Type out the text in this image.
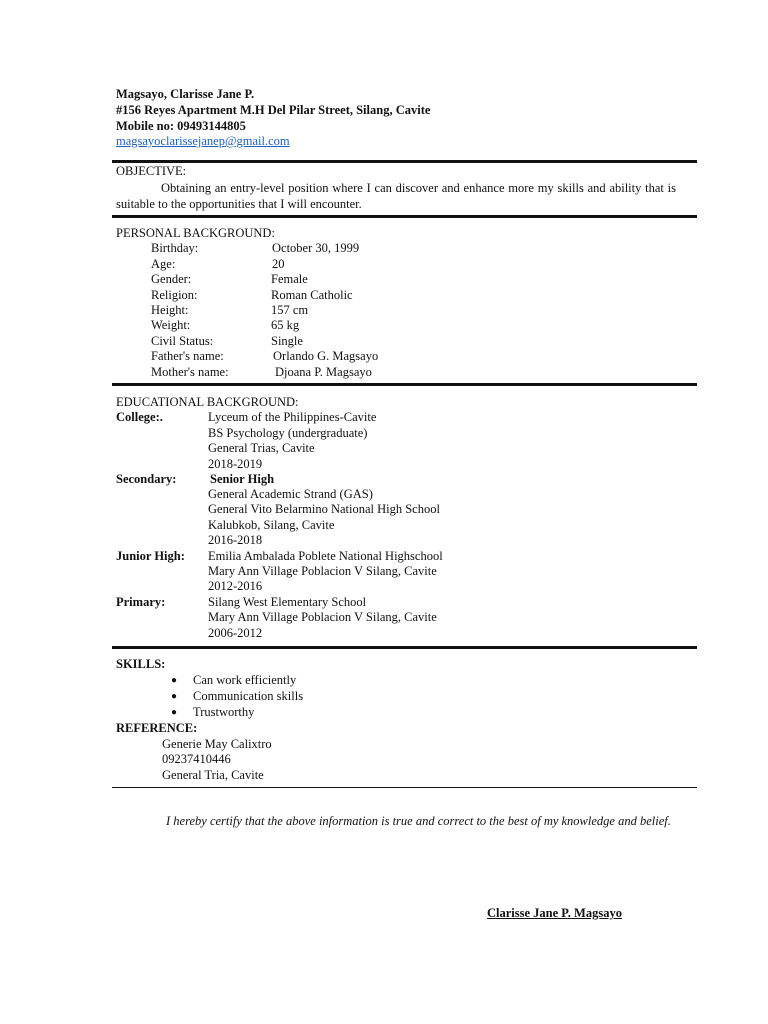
Magsayo, Clarisse Jane P.
#156 Reyes Apartment M.H Del Pilar Street, Silang, Cavite
Mobile no: 09493144805
magsayoclarissejanep@gmail.com
OBJECTIVE:
Obtaining an entry-level position where I can discover and enhance more my skills and ability that is suitable to the opportunities that I will encounter.
PERSONAL BACKGROUND:
Birthday:	October 30, 1999
Age:	20
Gender:	Female
Religion:	Roman Catholic
Height:	157 cm
Weight:	65 kg
Civil Status:	Single
Father's name:	Orlando G. Magsayo
Mother's name:	Djoana P. Magsayo
EDUCATIONAL BACKGROUND:
College:.	Lyceum of the Philippines-Cavite
BS Psychology (undergraduate)
General Trias, Cavite
2018-2019
Secondary:	Senior High
General Academic Strand (GAS)
General Vito Belarmino National High School
Kalubkob, Silang, Cavite
2016-2018
Junior High: Emilia Ambalada Poblete National Highschool
Mary Ann Village Poblacion V Silang, Cavite
2012-2016
Primary:	Silang West Elementary School
Mary Ann Village Poblacion V Silang, Cavite
2006-2012
SKILLS:
● Can work efficiently
● Communication skills
● Trustworthy
REFERENCE:
Generie May Calixtro
09237410446
General Tria, Cavite
I hereby certify that the above information is true and correct to the best of my knowledge and belief.
Clarisse Jane P. Magsayo
